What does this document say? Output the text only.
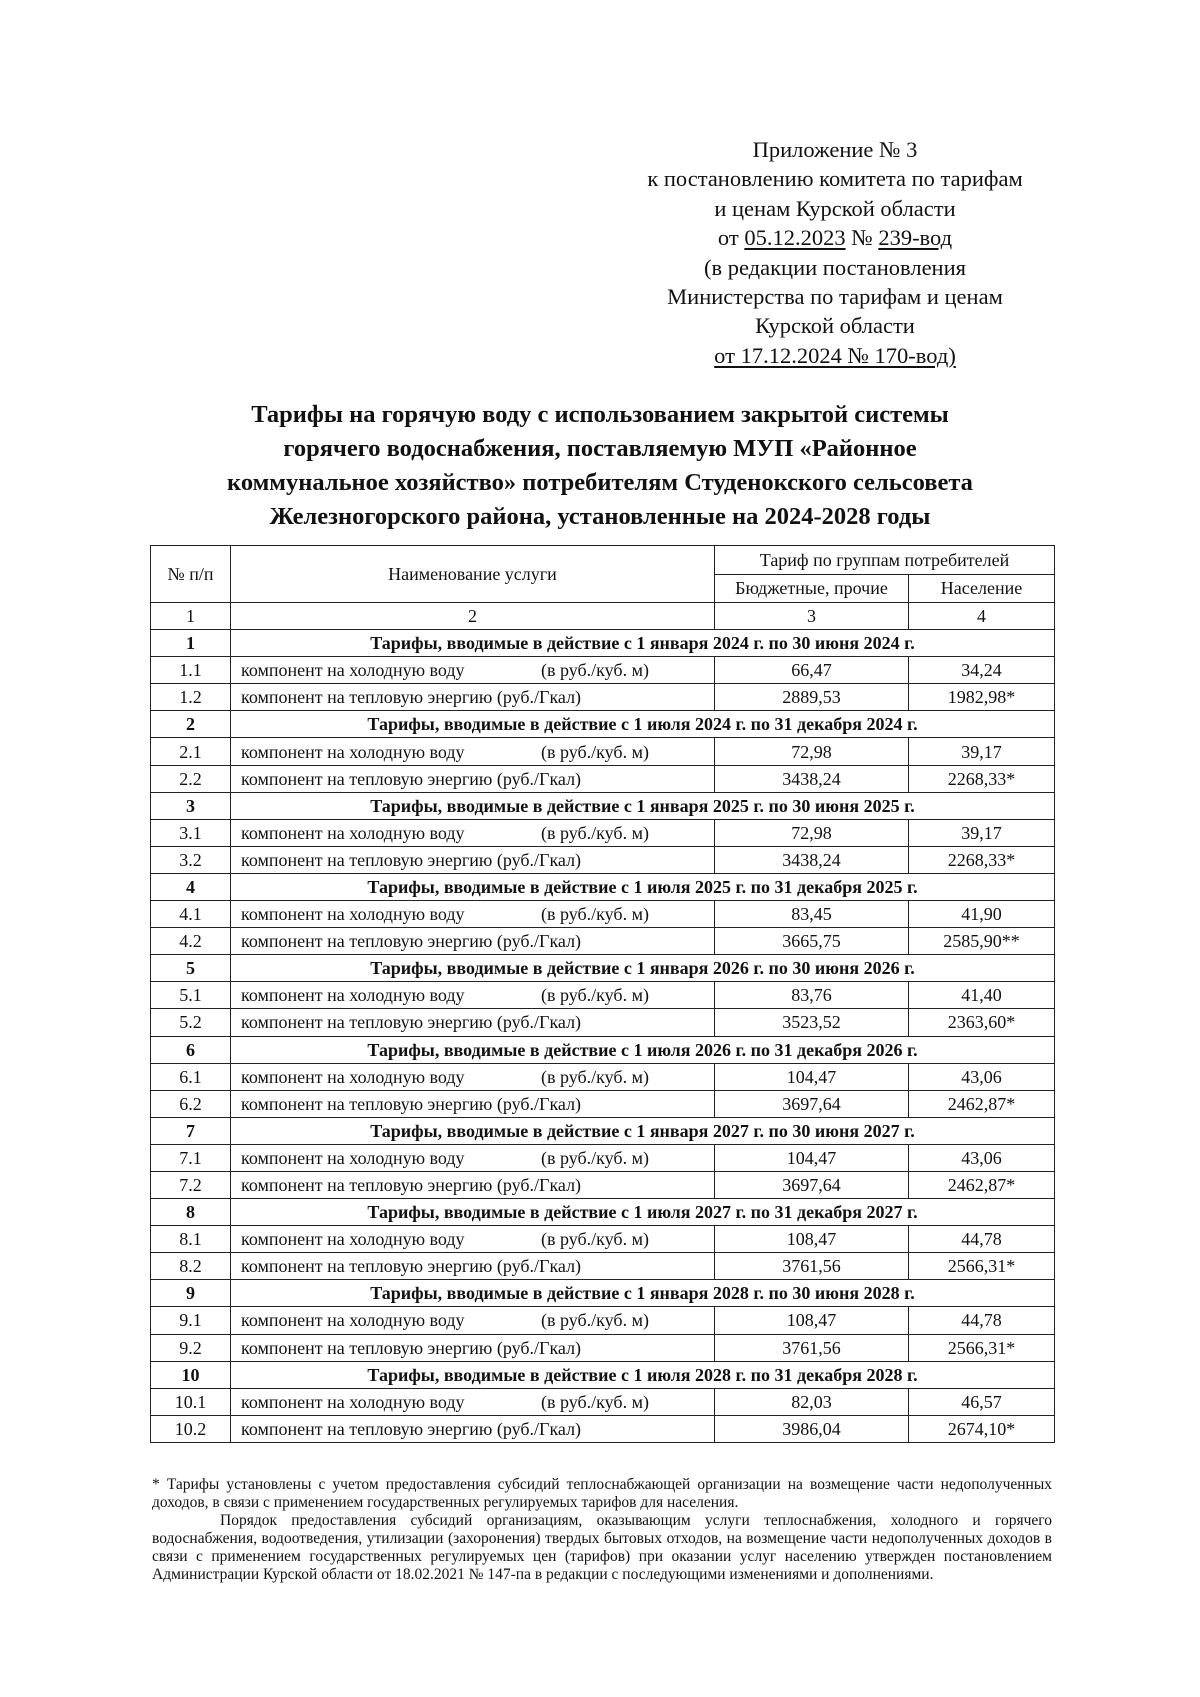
Приложение № 3
к постановлению комитета по тарифам
и ценам Курской области
от 05.12.2023 № 239-вод
(в редакции постановления
Министерства по тарифам и ценам
Курской области
от 17.12.2024 № 170-вод)
Тарифы на горячую воду с использованием закрытой системы
горячего водоснабжения, поставляемую МУП «Районное
коммунальное хозяйство» потребителям Студенокского сельсовета
Железногорского района, установленные на 2024-2028 годы
№ п/п	Наименование услуги	Тариф по группам потребителей	
		Бюджетные, прочие	Население
1	2	3	4
1	Тарифы, вводимые в действие с 1 января 2024 г. по 30 июня 2024 г.		
1.1	компонент на холодную воду (в руб./куб. м)	66,47	34,24
1.2	компонент на тепловую энергию (руб./Гкал)	2889,53	1982,98*
2	Тарифы, вводимые в действие с 1 июля 2024 г. по 31 декабря 2024 г.		
2.1	компонент на холодную воду (в руб./куб. м)	72,98	39,17
2.2	компонент на тепловую энергию (руб./Гкал)	3438,24	2268,33*
3	Тарифы, вводимые в действие с 1 января 2025 г. по 30 июня 2025 г.		
3.1	компонент на холодную воду (в руб./куб. м)	72,98	39,17
3.2	компонент на тепловую энергию (руб./Гкал)	3438,24	2268,33*
4	Тарифы, вводимые в действие с 1 июля 2025 г. по 31 декабря 2025 г.		
4.1	компонент на холодную воду (в руб./куб. м)	83,45	41,90
4.2	компонент на тепловую энергию (руб./Гкал)	3665,75	2585,90**
5	Тарифы, вводимые в действие с 1 января 2026 г. по 30 июня 2026 г.		
5.1	компонент на холодную воду (в руб./куб. м)	83,76	41,40
5.2	компонент на тепловую энергию (руб./Гкал)	3523,52	2363,60*
6	Тарифы, вводимые в действие с 1 июля 2026 г. по 31 декабря 2026 г.		
6.1	компонент на холодную воду (в руб./куб. м)	104,47	43,06
6.2	компонент на тепловую энергию (руб./Гкал)	3697,64	2462,87*
7	Тарифы, вводимые в действие с 1 января 2027 г. по 30 июня 2027 г.		
7.1	компонент на холодную воду (в руб./куб. м)	104,47	43,06
7.2	компонент на тепловую энергию (руб./Гкал)	3697,64	2462,87*
8	Тарифы, вводимые в действие с 1 июля 2027 г. по 31 декабря 2027 г.		
8.1	компонент на холодную воду (в руб./куб. м)	108,47	44,78
8.2	компонент на тепловую энергию (руб./Гкал)	3761,56	2566,31*
9	Тарифы, вводимые в действие с 1 января 2028 г. по 30 июня 2028 г.		
9.1	компонент на холодную воду (в руб./куб. м)	108,47	44,78
9.2	компонент на тепловую энергию (руб./Гкал)	3761,56	2566,31*
10	Тарифы, вводимые в действие с 1 июля 2028 г. по 31 декабря 2028 г.		
10.1	компонент на холодную воду (в руб./куб. м)	82,03	46,57
10.2	компонент на тепловую энергию (руб./Гкал)	3986,04	2674,10*

* Тарифы установлены с учетом предоставления субсидий теплоснабжающей организации на возмещение части недополученных доходов, в связи с применением государственных регулируемых тарифов для населения.

Порядок предоставления субсидий организациям, оказывающим услуги теплоснабжения, холодного и горячего водоснабжения, водоотведения, утилизации (захоронения) твердых бытовых отходов, на возмещение части недополученных доходов в связи с применением государственных регулируемых цен (тарифов) при оказании услуг населению утвержден постановлением Администрации Курской области от 18.02.2021 № 147-па в редакции с последующими изменениями и дополнениями.
